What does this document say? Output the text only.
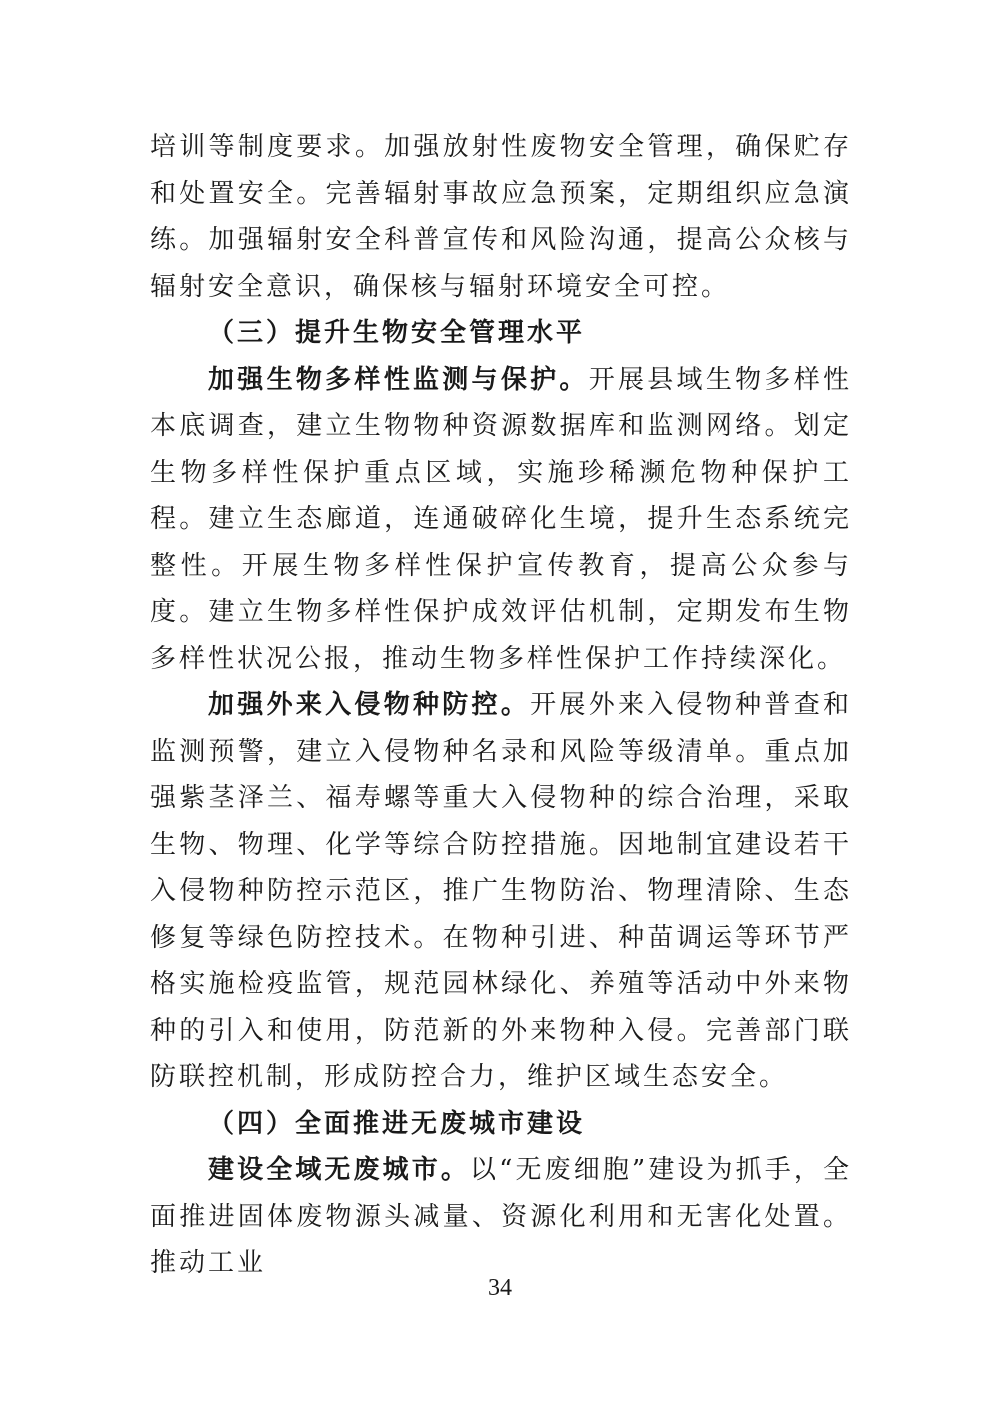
培训等制度要求。加强放射性废物安全管理，确保贮存和处置安全。完善辐射事故应急预案，定期组织应急演练。加强辐射安全科普宣传和风险沟通，提高公众核与辐射安全意识，确保核与辐射环境安全可控。

（三）提升生物安全管理水平

加强生物多样性监测与保护。开展县域生物多样性本底调查，建立生物物种资源数据库和监测网络。划定生物多样性保护重点区域，实施珍稀濒危物种保护工程。建立生态廊道，连通破碎化生境，提升生态系统完整性。开展生物多样性保护宣传教育，提高公众参与度。建立生物多样性保护成效评估机制，定期发布生物多样性状况公报，推动生物多样性保护工作持续深化。

加强外来入侵物种防控。开展外来入侵物种普查和监测预警，建立入侵物种名录和风险等级清单。重点加强紫茎泽兰、福寿螺等重大入侵物种的综合治理，采取生物、物理、化学等综合防控措施。因地制宜建设若干入侵物种防控示范区，推广生物防治、物理清除、生态修复等绿色防控技术。在物种引进、种苗调运等环节严格实施检疫监管，规范园林绿化、养殖等活动中外来物种的引入和使用，防范新的外来物种入侵。完善部门联防联控机制，形成防控合力，维护区域生态安全。

（四）全面推进无废城市建设

建设全域无废城市。以“无废细胞”建设为抓手，全面推进固体废物源头减量、资源化利用和无害化处置。推动工业

34
